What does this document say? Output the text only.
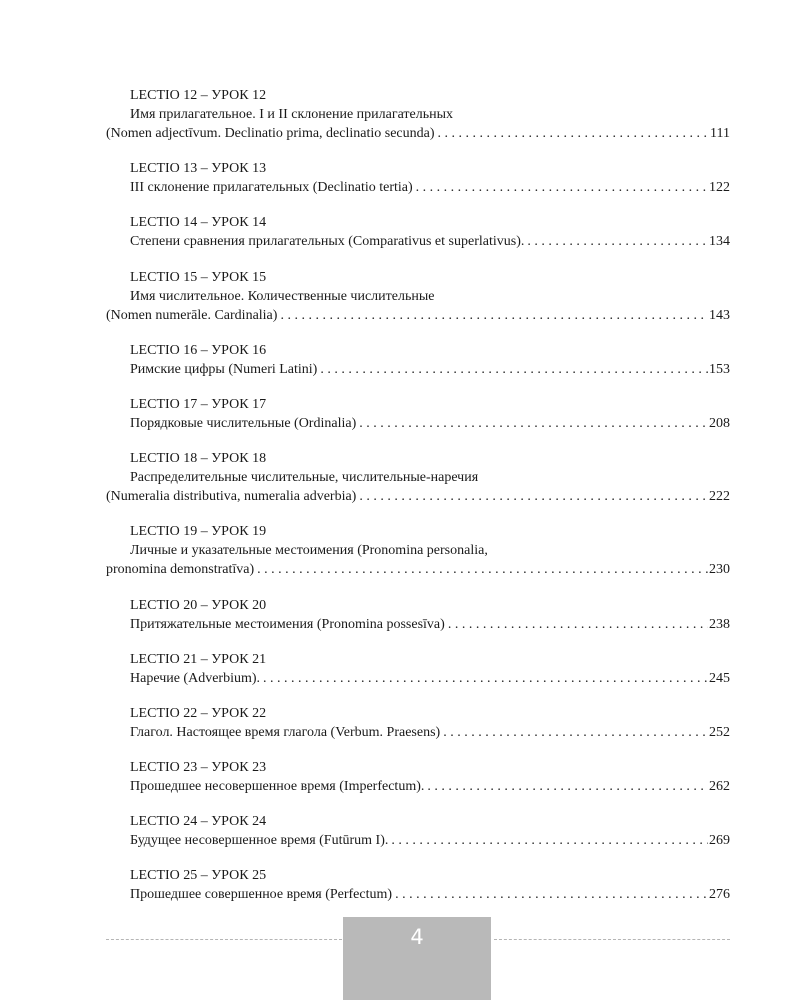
LECTIO 12 – УРОК 12
Имя прилагательное. I и II склонение прилагательных
(Nomen adjectīvum. Declinatio prima, declinatio secunda) . . .	111
LECTIO 13 – УРОК 13
III склонение прилагательных (Declinatio tertia) . . .	122
LECTIO 14 – УРОК 14
Степени сравнения прилагательных (Comparativus et superlativus). . . .	134
LECTIO 15 – УРОК 15
Имя числительное. Количественные числительные
(Nomen numerāle. Cardinalia) . . .	143
LECTIO 16 – УРОК 16
Римские цифры (Numeri Latini) . . .	153
LECTIO 17 – УРОК 17
Порядковые числительные (Ordinalia) . . .	208
LECTIO 18 – УРОК 18
Распределительные числительные, числительные-наречия
(Numeralia distributiva, numeralia adverbia) . . .	222
LECTIO 19 – УРОК 19
Личные и указательные местоимения (Pronomina personalia,
pronomina demonstratīva) . . .	230
LECTIO 20 – УРОК 20
Притяжательные местоимения (Pronomina possesīva) . . .	238
LECTIO 21 – УРОК 21
Наречие (Adverbium). . . .	245
LECTIO 22 – УРОК 22
Глагол. Настоящее время глагола (Verbum. Praesens) . . .	252
LECTIO 23 – УРОК 23
Прошедшее несовершенное время (Imperfectum). . . .	262
LECTIO 24 – УРОК 24
Будущее несовершенное время (Futūrum I). . . .	269
LECTIO 25 – УРОК 25
Прошедшее совершенное время (Perfectum) . . .	276
4
